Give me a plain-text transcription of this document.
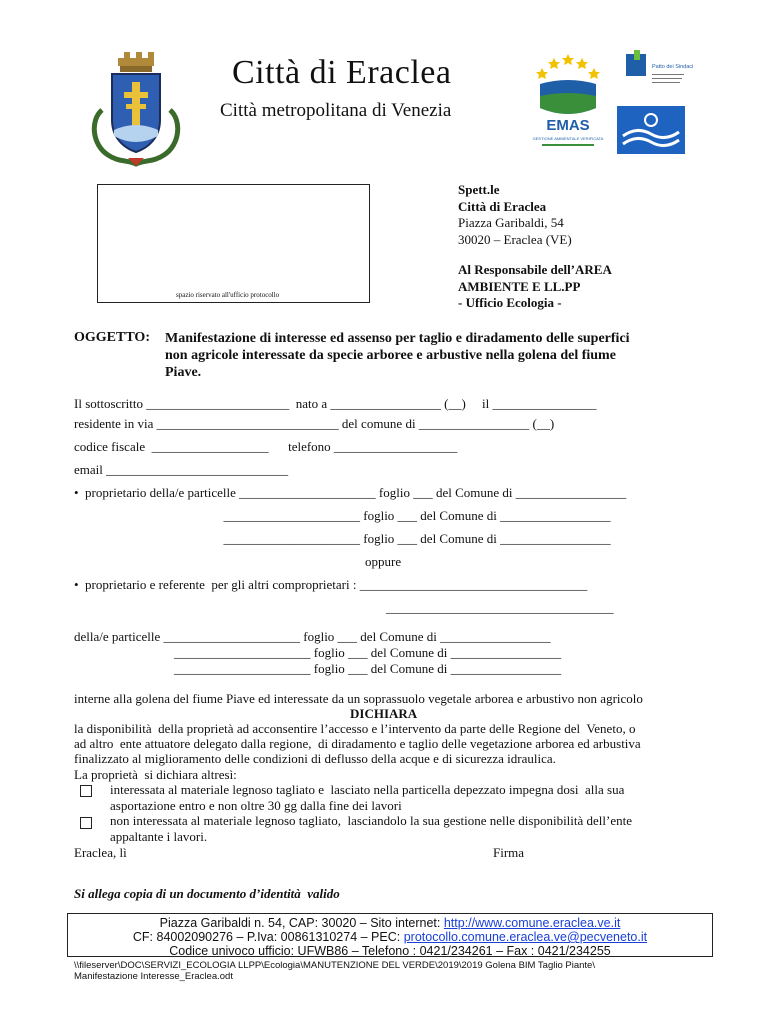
Città di Eraclea
Città metropolitana di Venezia
EMAS
GESTIONE AMBIENTALE VERIFICATA
Patto dei Sindaci
spazio riservato all'ufficio protocollo
Spett.le
Città di Eraclea
Piazza Garibaldi, 54
30020 – Eraclea (VE)
Al Responsabile dell’AREA
AMBIENTE E LL.PP
- Ufficio Ecologia -
OGGETTO: Manifestazione di interesse ed assenso per taglio e diradamento delle superfici
non agricole interessate da specie arboree e arbustive nella golena del fiume
Piave.
Il sottoscritto ______________________  nato a _________________ (__)     il ________________
residente in via ____________________________ del comune di _________________ (__)
codice fiscale  __________________      telefono ___________________
email ____________________________
•  proprietario della/e particelle _____________________ foglio ___ del Comune di _________________
_____________________ foglio ___ del Comune di _________________
_____________________ foglio ___ del Comune di _________________
oppure
•  proprietario e referente  per gli altri comproprietari : ___________________________________
___________________________________
della/e particelle _____________________ foglio ___ del Comune di _________________
_____________________ foglio ___ del Comune di _________________
_____________________ foglio ___ del Comune di _________________
interne alla golena del fiume Piave ed interessate da un soprassuolo vegetale arborea e arbustivo non agricolo
DICHIARA
la disponibilità  della proprietà ad acconsentire l’accesso e l’intervento da parte delle Regione del  Veneto, o
ad altro  ente attuatore delegato dalla regione,  di diradamento e taglio delle vegetazione arborea ed arbustiva
finalizzato al miglioramento delle condizioni di deflusso della acque e di sicurezza idraulica.
La proprietà  si dichiara altresì:
interessata al materiale legnoso tagliato e  lasciato nella particella depezzato impegna dosi  alla sua
asportazione entro e non oltre 30 gg dalla fine dei lavori
non interessata al materiale legnoso tagliato,  lasciandolo la sua gestione nelle disponibilità dell’ente
appaltante i lavori.
Eraclea, lì	Firma
Si allega copia di un documento d’identità  valido
Piazza Garibaldi n. 54, CAP: 30020 – Sito internet: http://www.comune.eraclea.ve.it
CF: 84002090276 – P.Iva: 00861310274 – PEC: protocollo.comune.eraclea.ve@pecveneto.it
Codice univoco ufficio: UFWB86 – Telefono : 0421/234261 – Fax : 0421/234255
\\fileserver\DOC\SERVIZI_ECOLOGIA LLPP\Ecologia\MANUTENZIONE DEL VERDE\2019\2019 Golena BIM Taglio Piante\
Manifestazione Interesse_Eraclea.odt
